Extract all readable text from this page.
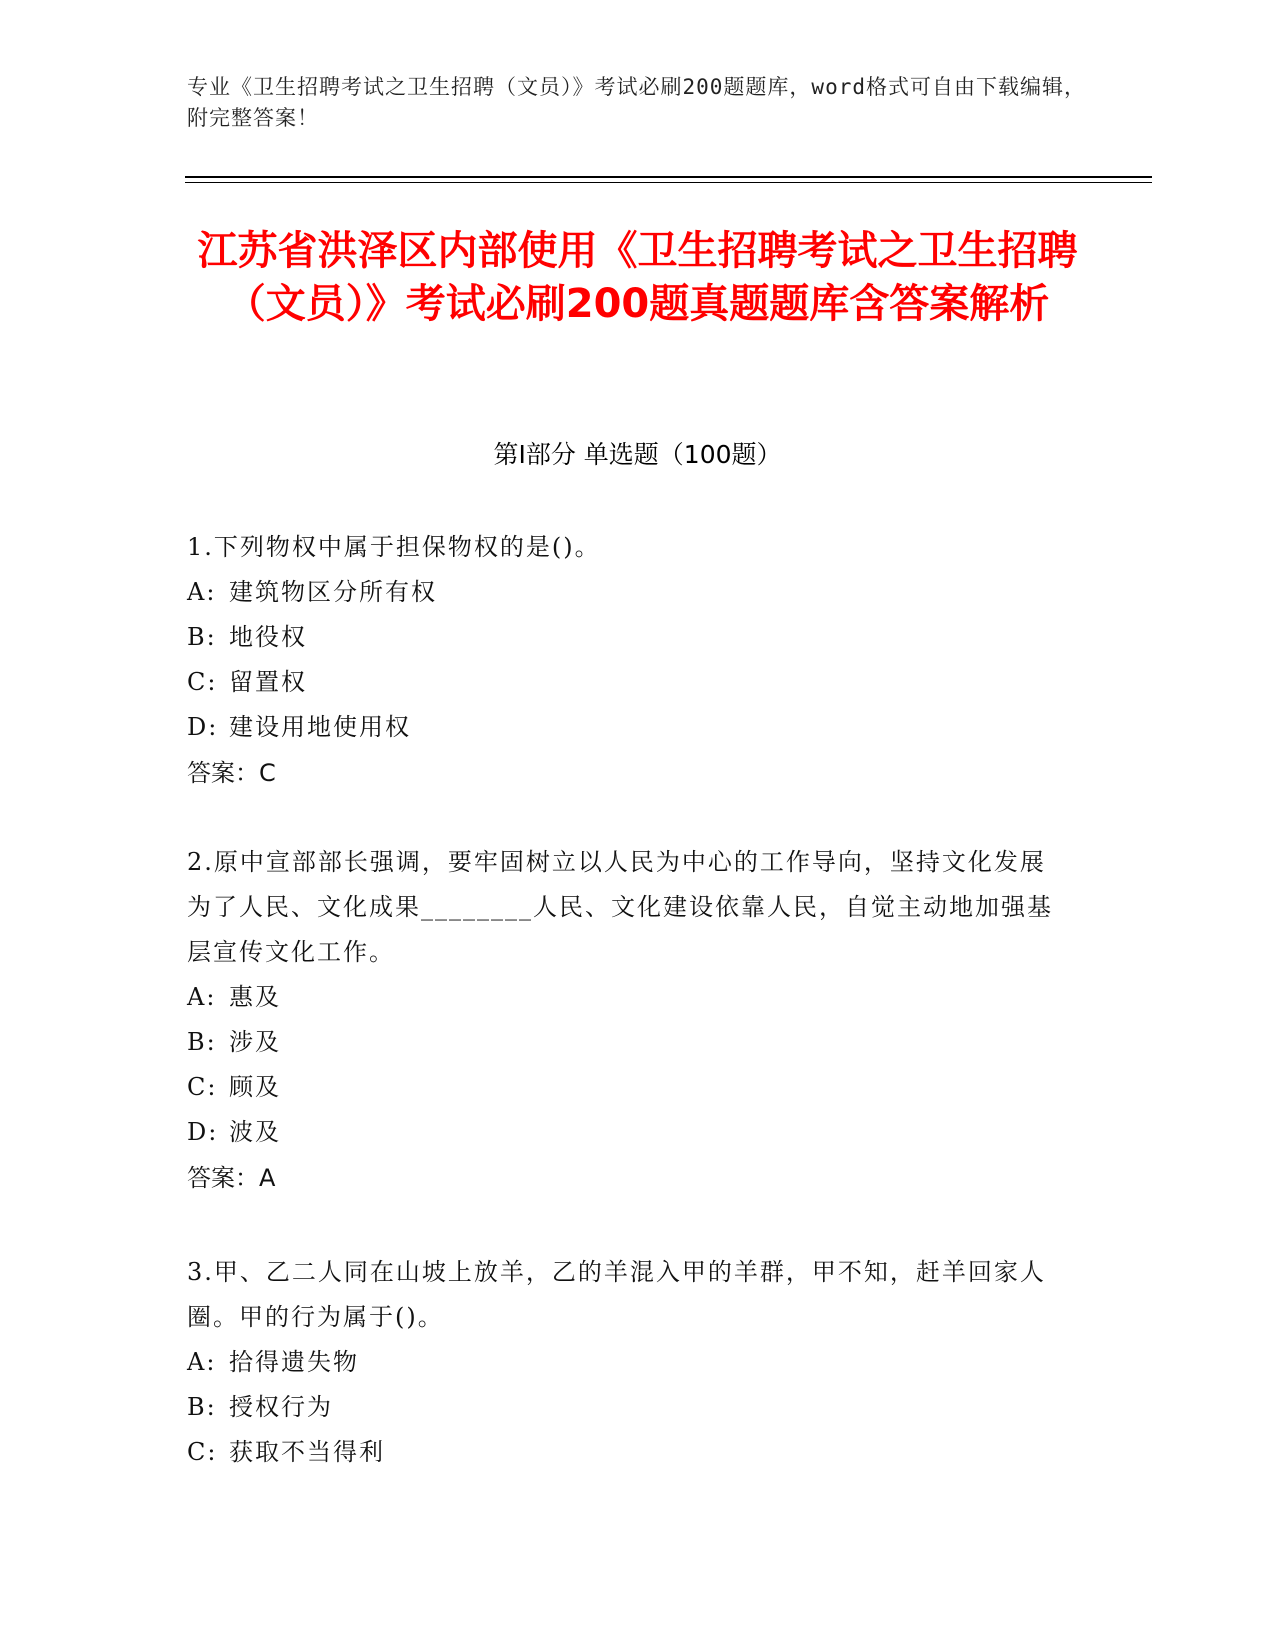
专业《卫生招聘考试之卫生招聘（文员）》考试必刷200题题库，word格式可自由下载编辑，附完整答案！
江苏省洪泽区内部使用《卫生招聘考试之卫生招聘（文员）》考试必刷200题真题题库含答案解析
第I部分 单选题（100题）

1.下列物权中属于担保物权的是()。

A: 建筑物区分所有权
B: 地役权
C: 留置权
D: 建设用地使用权

答案：C

2.原中宣部部长强调，要牢固树立以人民为中心的工作导向，坚持文化发展为了人民、文化成果________人民、文化建设依靠人民，自觉主动地加强基层宣传文化工作。

A: 惠及
B: 涉及
C: 顾及
D: 波及

答案：A

3.甲、乙二人同在山坡上放羊，乙的羊混入甲的羊群，甲不知，赶羊回家人圈。甲的行为属于()。

A: 拾得遗失物
B: 授权行为
C: 获取不当得利
